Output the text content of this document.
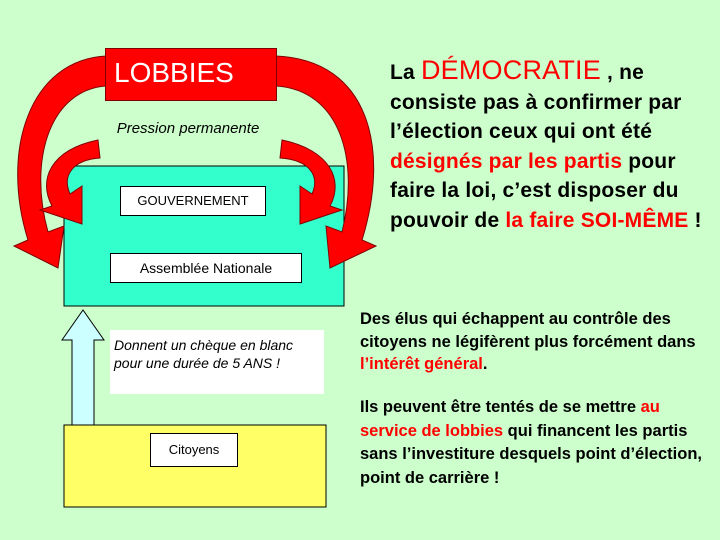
LOBBIES
Pression permanente
GOUVERNEMENT
Assemblée Nationale
Donnent un chèque en blanc pour une durée de 5 ANS !
Citoyens
La DÉMOCRATIE , ne consiste pas à confirmer par l’élection ceux qui ont été désignés par les partis pour faire la loi, c’est disposer du pouvoir de la faire SOI-MÊME !
Des élus qui échappent au contrôle des citoyens ne légifèrent plus forcément dans l’intérêt général.
Ils peuvent être tentés de se mettre au service de lobbies qui financent les partis sans l’investiture desquels point d’élection, point de carrière !
